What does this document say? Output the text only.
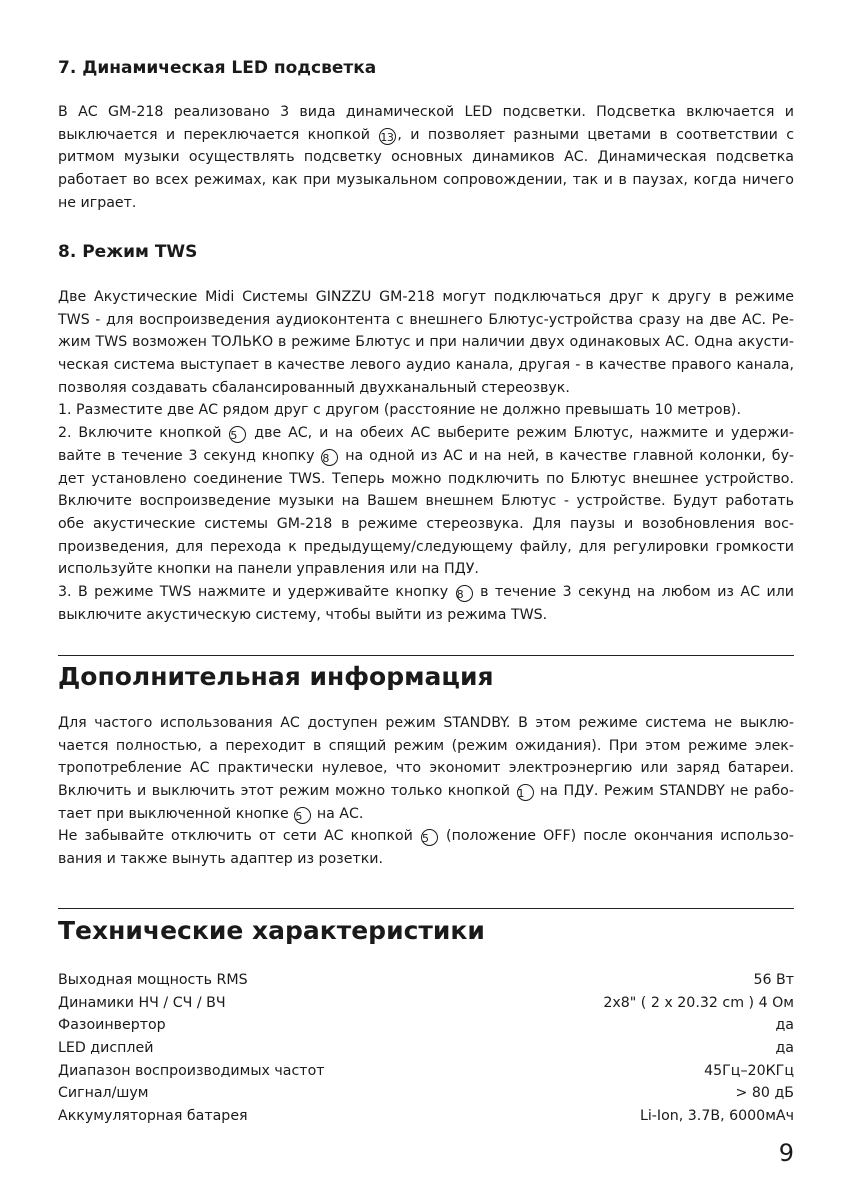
7. Динамическая LED подсветка
В АС GM-218 реализовано 3 вида динамической LED подсветки. Подсветка включается и
выключается и переключается кнопкой 13 , и позволяет разными цветами в соответствии с
ритмом музыки осуществлять подсветку основных динамиков АС. Динамическая подсветка
работает во всех режимах, как при музыкальном сопровождении, так и в паузах, когда ничего
не играет.
8. Режим TWS
Две Акустические Midi Системы GINZZU GM-218 могут подключаться друг к другу в режиме
TWS - для воспроизведения аудиоконтента с внешнего Блютус-устройства сразу на две АС. Ре-
жим TWS возможен ТОЛЬКО в режиме Блютус и при наличии двух одинаковых АС. Одна акусти-
ческая система выступает в качестве левого аудио канала, другая - в качестве правого канала,
позволяя создавать сбалансированный двухканальный стереозвук.
1. Разместите две АС рядом друг с другом (расстояние не должно превышать 10 метров).
2. Включите кнопкой 5 две АС, и на обеих АС выберите режим Блютус, нажмите и удержи-
вайте в течение 3 секунд кнопку 8 на одной из АС и на ней, в качестве главной колонки, бу-
дет установлено соединение TWS. Теперь можно подключить по Блютус внешнее устройство.
Включите воспроизведение музыки на Вашем внешнем Блютус - устройстве. Будут работать
обе акустические системы GM-218 в режиме стереозвука. Для паузы и возобновления вос-
произведения, для перехода к предыдущему/следующему файлу, для регулировки громкости
используйте кнопки на панели управления или на ПДУ.
3. В режиме TWS нажмите и удерживайте кнопку 8 в течение 3 секунд на любом из АС или
выключите акустическую систему, чтобы выйти из режима TWS.
Дополнительная информация
Для частого использования АС доступен режим STANDBY. В этом режиме система не выклю-
чается полностью, а переходит в спящий режим (режим ожидания). При этом режиме элек-
тропотребление АС практически нулевое, что экономит электроэнергию или заряд батареи.
Включить и выключить этот режим можно только кнопкой 1 на ПДУ. Режим STANDBY не рабо-
тает при выключенной кнопке 5 на АС.
Не забывайте отключить от сети АС кнопкой 5 (положение OFF) после окончания использо-
вания и также вынуть адаптер из розетки.
Технические характеристики
Выходная мощность RMS	56 Вт
Динамики НЧ / СЧ / ВЧ	2x8" ( 2 x 20.32 cm ) 4 Ом
Фазоинвертор	да
LED дисплей	да
Диапазон воспроизводимых частот	45Гц–20КГц
Сигнал/шум	> 80 дБ
Аккумуляторная батарея	Li-Ion, 3.7В, 6000мАч
9
